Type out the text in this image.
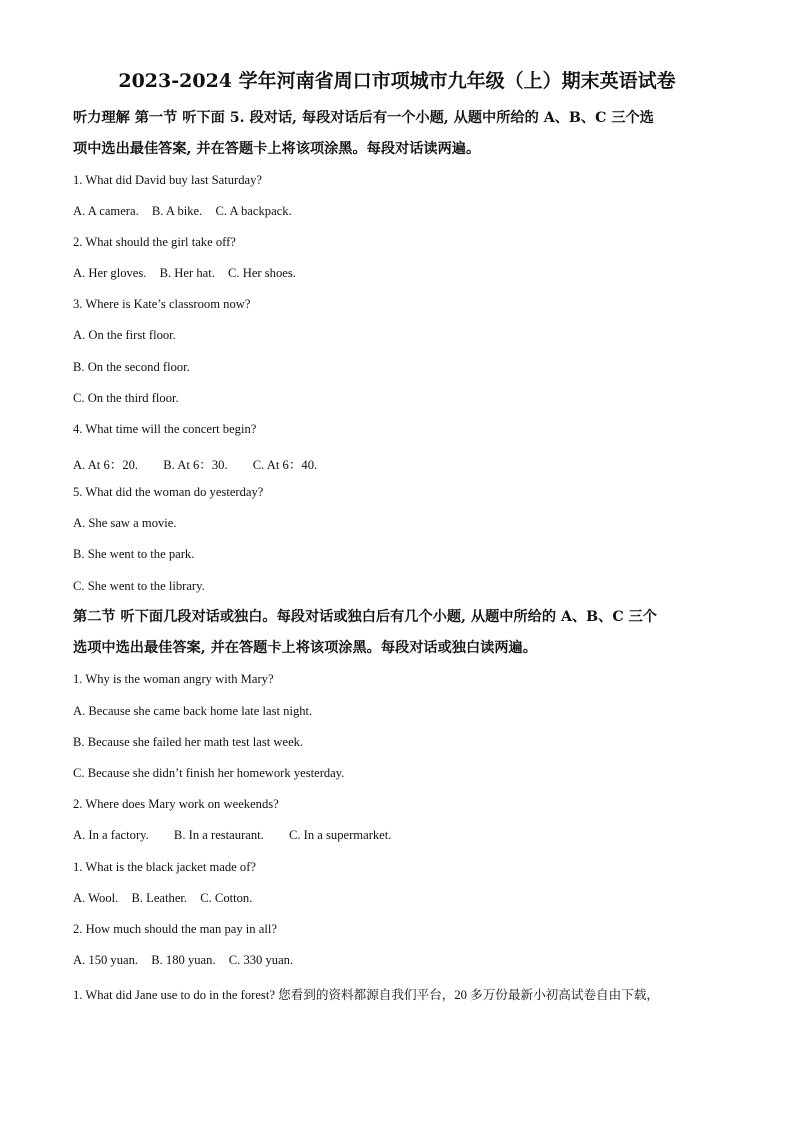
2023-2024 学年河南省周口市项城市九年级（上）期末英语试卷
听力理解 第一节 听下面 5. 段对话, 每段对话后有一个小题, 从题中所给的 A、B、C 三个选
项中选出最佳答案, 并在答题卡上将该项涂黑。每段对话读两遍。
1. What did David buy last Saturday?
A. A camera. B. A bike. C. A backpack.
2. What should the girl take off?
A. Her gloves. B. Her hat. C. Her shoes.
3. Where is Kate’s classroom now?
A. On the first floor.
B. On the second floor.
C. On the third floor.
4. What time will the concert begin?
A. At 6：20. B. At 6：30. C. At 6：40.
5. What did the woman do yesterday?
A. She saw a movie.
B. She went to the park.
C. She went to the library.
第二节 听下面几段对话或独白。每段对话或独白后有几个小题, 从题中所给的 A、B、C 三个
选项中选出最佳答案, 并在答题卡上将该项涂黑。每段对话或独白读两遍。
1. Why is the woman angry with Mary?
A. Because she came back home late last night.
B. Because she failed her math test last week.
C. Because she didn’t finish her homework yesterday.
2. Where does Mary work on weekends?
A. In a factory. B. In a restaurant. C. In a supermarket.
1. What is the black jacket made of?
A. Wool. B. Leather. C. Cotton.
2. How much should the man pay in all?
A. 150 yuan. B. 180 yuan. C. 330 yuan.
1. What did Jane use to do in the forest? 您看到的资料都源自我们平台，20 多万份最新小初高试卷自由下载，
